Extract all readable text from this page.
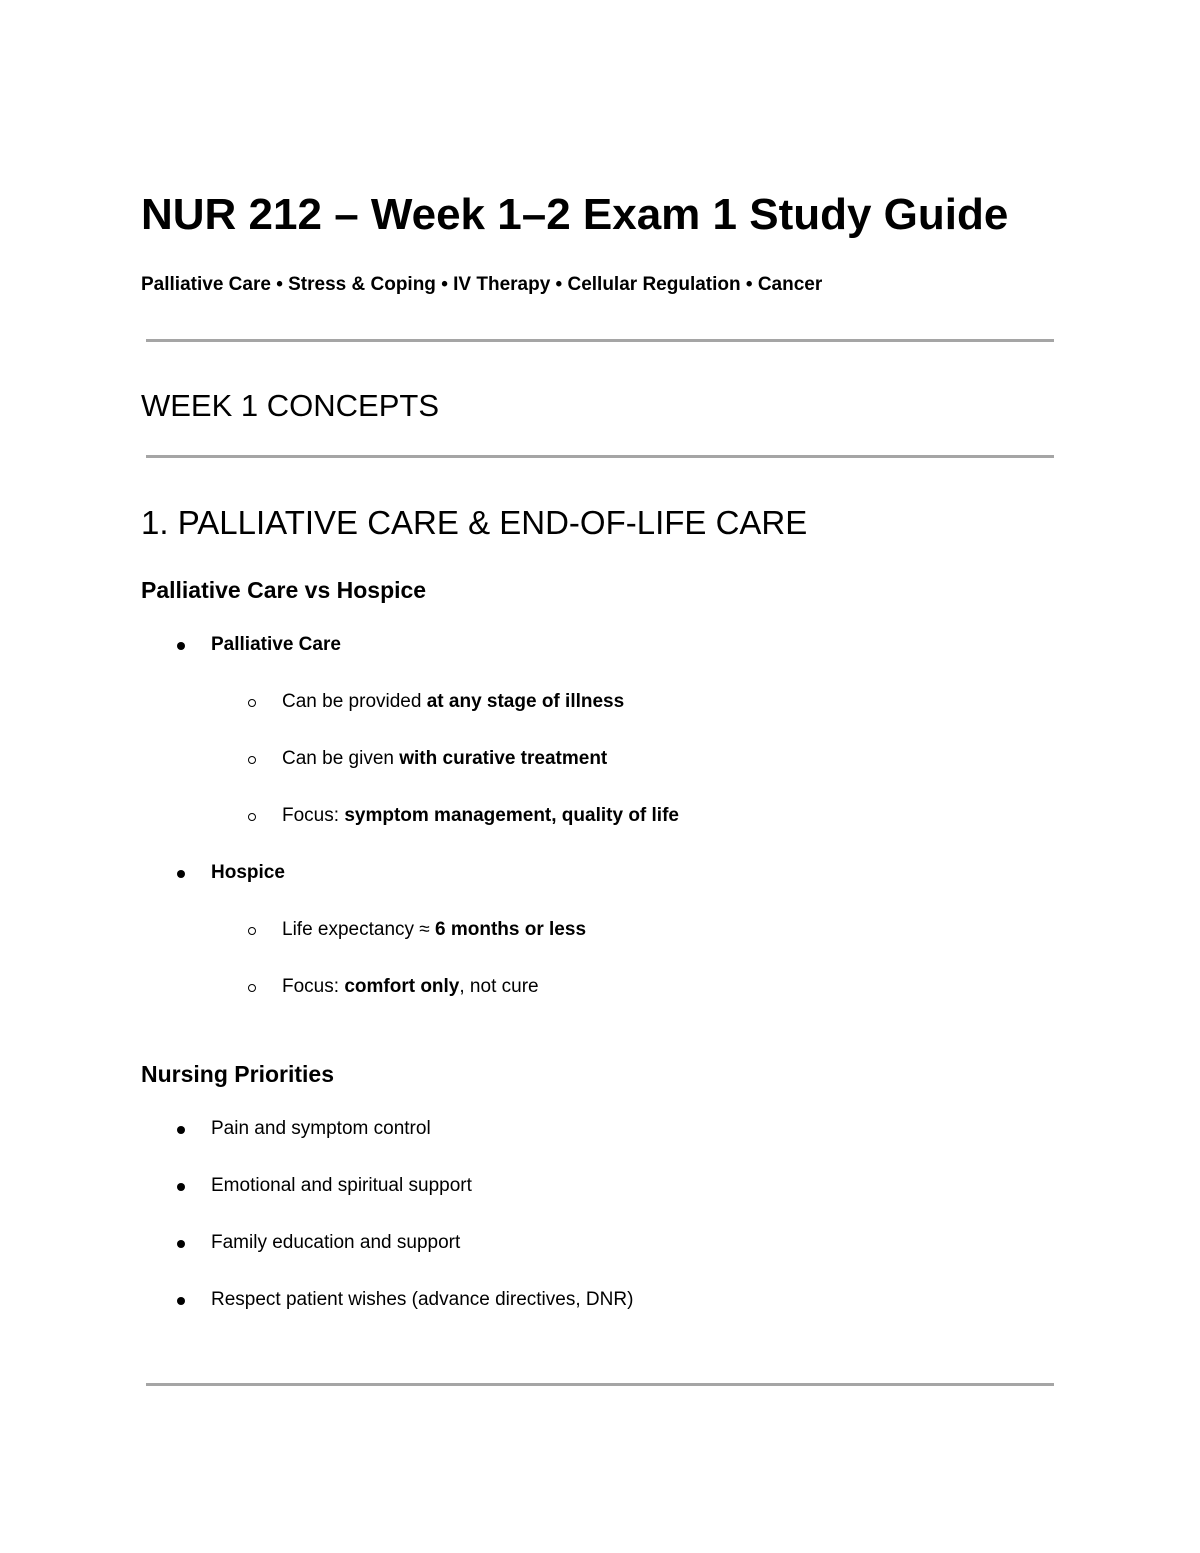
NUR 212 – Week 1–2 Exam 1 Study Guide

Palliative Care • Stress & Coping • IV Therapy • Cellular Regulation • Cancer

WEEK 1 CONCEPTS
1. PALLIATIVE CARE & END-OF-LIFE CARE
Palliative Care vs Hospice
Palliative Care

Can be provided at any stage of illness

Can be given with curative treatment

Focus: symptom management, quality of life

Hospice

Life expectancy ≈ 6 months or less

Focus: comfort only, not cure

Nursing Priorities

Pain and symptom control

Emotional and spiritual support

Family education and support

Respect patient wishes (advance directives, DNR)
